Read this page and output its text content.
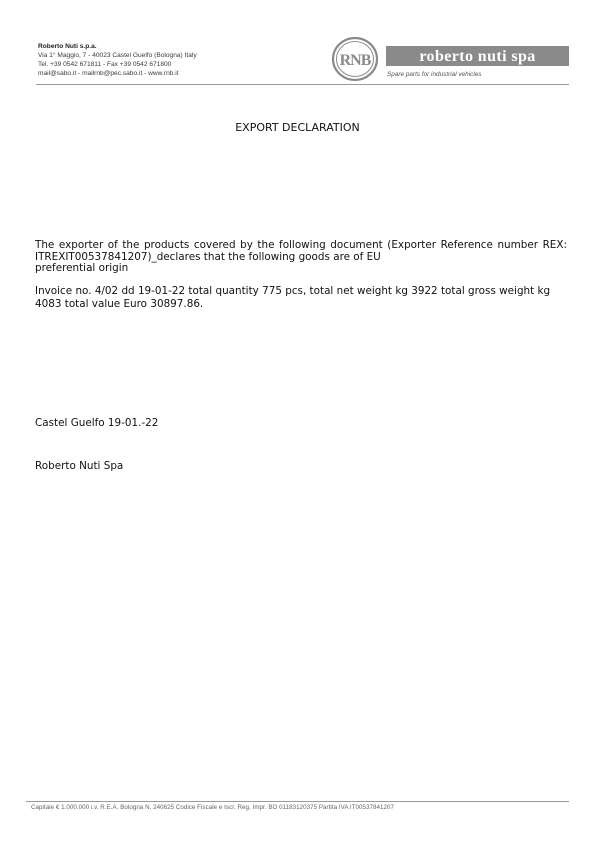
Roberto Nuti s.p.a.
Via 1° Maggio, 7 - 40023 Castel Guelfo (Bologna) Italy
Tel. +39 0542 671811 - Fax +39 0542 671800
mail@sabo.it - mailrnb@pec.sabo.it - www.rnb.it
RNB	roberto nuti spa
Spare parts for industrial vehicles
EXPORT DECLARATION
The exporter of the products covered by the following document (Exporter Reference number REX: ITREXIT00537841207)_declares that the following goods are of EU
preferential origin
Invoice no. 4/02 dd 19-01-22 total quantity 775 pcs, total net weight kg 3922 total gross weight kg 4083 total value Euro 30897.86.
Castel Guelfo 19-01.-22
Roberto Nuti Spa
Capitale € 1.000.000 i.v. R.E.A. Bologna N. 240625 Codice Fiscale e Iscr. Reg. Impr. BO 01183120375 Partita IVA IT00537841207
